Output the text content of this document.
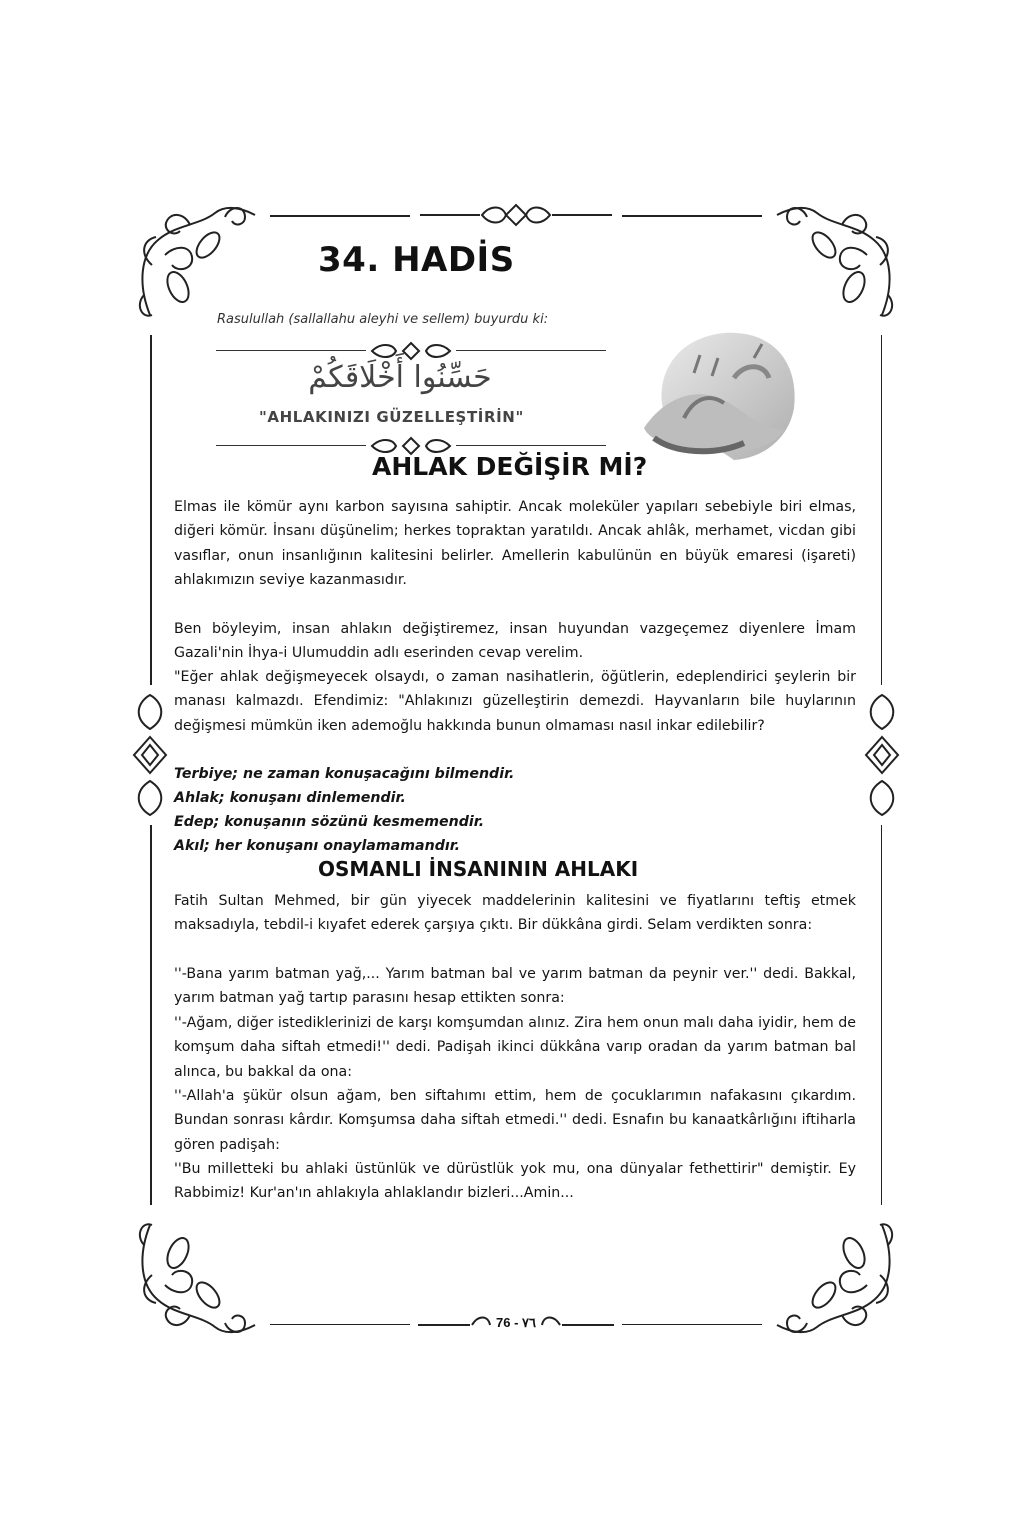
76 - ٧٦
34. HADİS

Rasulullah (sallallahu aleyhi ve sellem) buyurdu ki:

حَسِّنُوا أَخْلَاقَكُمْ

"AHLAKINIZI GÜZELLEŞTİRİN"

AHLAK DEĞİŞİR Mİ?

Elmas ile kömür aynı karbon sayısına sahiptir. Ancak moleküler yapıları sebebiyle biri elmas, diğeri kömür. İnsanı düşünelim; herkes topraktan yaratıldı. Ancak ahlâk, merhamet, vicdan gibi vasıflar, onun insanlığının kalitesini belirler. Amellerin kabulünün en büyük emaresi (işareti) ahlakımızın seviye kazanmasıdır.

Ben böyleyim, insan ahlakın değiştiremez, insan huyundan vazgeçemez diyenlere İmam Gazali'nin İhya-i Ulumuddin adlı eserinden cevap verelim.

"Eğer ahlak değişmeyecek olsaydı, o zaman nasihatlerin, öğütlerin, edeplendirici şeylerin bir manası kalmazdı. Efendimiz: "Ahlakınızı güzelleştirin demezdi. Hayvanların bile huylarının değişmesi mümkün iken ademoğlu hakkında bunun olmaması nasıl inkar edilebilir?

Terbiye; ne zaman konuşacağını bilmendir.

Ahlak; konuşanı dinlemendir.

Edep; konuşanın sözünü kesmemendir.

Akıl; her konuşanı onaylamamandır.

OSMANLI İNSANININ AHLAKI

Fatih Sultan Mehmed, bir gün yiyecek maddelerinin kalitesini ve fiyatlarını teftiş etmek maksadıyla, tebdil-i kıyafet ederek çarşıya çıktı. Bir dükkâna girdi. Selam verdikten sonra:

''-Bana yarım batman yağ,... Yarım batman bal ve yarım batman da peynir ver.'' dedi. Bakkal, yarım batman yağ tartıp parasını hesap ettikten sonra:

''-Ağam, diğer istediklerinizi de karşı komşumdan alınız. Zira hem onun malı daha iyidir, hem de komşum daha siftah etmedi!'' dedi. Padişah ikinci dükkâna varıp oradan da yarım batman bal alınca, bu bakkal da ona:

''-Allah'a şükür olsun ağam, ben siftahımı ettim, hem de çocuklarımın nafakasını çıkardım. Bundan sonrası kârdır. Komşumsa daha siftah etmedi.'' dedi. Esnafın bu kanaatkârlığını iftiharla gören padişah:

''Bu milletteki bu ahlaki üstünlük ve dürüstlük yok mu, ona dünyalar fethettirir" demiştir. Ey Rabbimiz! Kur'an'ın ahlakıyla ahlaklandır bizleri...Amin...
